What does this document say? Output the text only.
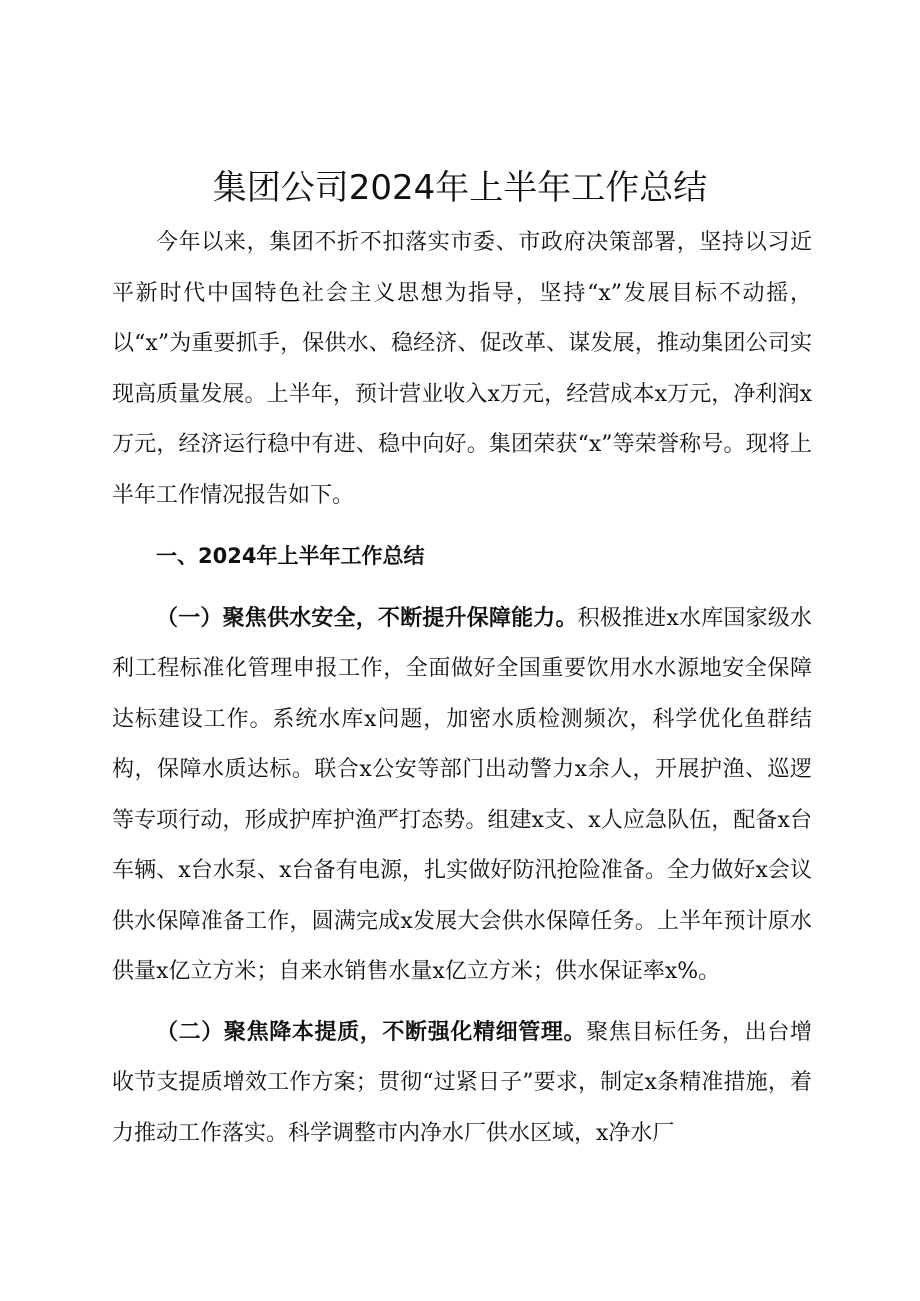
集团公司2024年上半年工作总结

今年以来，集团不折不扣落实市委、市政府决策部署，坚持以习近平新时代中国特色社会主义思想为指导，坚持“x”发展目标不动摇，以“x”为重要抓手，保供水、稳经济、促改革、谋发展，推动集团公司实现高质量发展。上半年，预计营业收入x万元，经营成本x万元，净利润x万元，经济运行稳中有进、稳中向好。集团荣获“x”等荣誉称号。现将上半年工作情况报告如下。

一、2024年上半年工作总结

（一）聚焦供水安全，不断提升保障能力。积极推进x水库国家级水利工程标准化管理申报工作，全面做好全国重要饮用水水源地安全保障达标建设工作。系统水库x问题，加密水质检测频次，科学优化鱼群结构，保障水质达标。联合x公安等部门出动警力x余人，开展护渔、巡逻等专项行动，形成护库护渔严打态势。组建x支、x人应急队伍，配备x台车辆、x台水泵、x台备有电源，扎实做好防汛抢险准备。全力做好x会议供水保障准备工作，圆满完成x发展大会供水保障任务。上半年预计原水供量x亿立方米；自来水销售水量x亿立方米；供水保证率x%。

（二）聚焦降本提质，不断强化精细管理。聚焦目标任务，出台增收节支提质增效工作方案；贯彻“过紧日子”要求，制定x条精准措施，着力推动工作落实。科学调整市内净水厂供水区域，x净水厂
